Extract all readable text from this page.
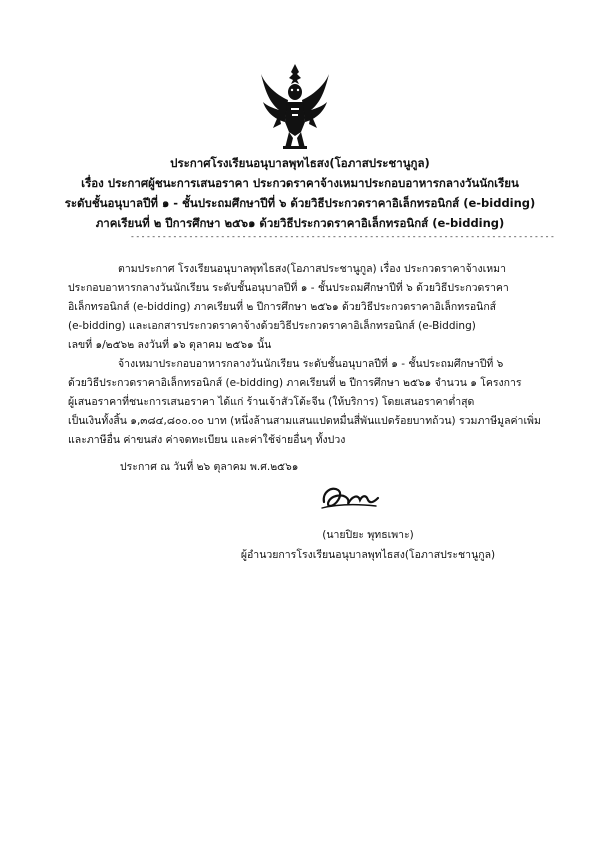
ประกาศโรงเรียนอนุบาลพุทไธสง(โอภาสประชานูกูล)
เรื่อง ประกาศผู้ชนะการเสนอราคา ประกวดราคาจ้างเหมาประกอบอาหารกลางวันนักเรียน
ระดับชั้นอนุบาลปีที่ ๑ - ชั้นประถมศึกษาปีที่ ๖ ด้วยวิธีประกวดราคาอิเล็กทรอนิกส์ (e-bidding)
ภาคเรียนที่ ๒ ปีการศึกษา ๒๕๖๑ ด้วยวิธีประกวดราคาอิเล็กทรอนิกส์ (e-bidding)
--------------------------------------------------------------------------------
ตามประกาศ โรงเรียนอนุบาลพุทไธสง(โอภาสประชานูกูล) เรื่อง ประกวดราคาจ้างเหมา
ประกอบอาหารกลางวันนักเรียน ระดับชั้นอนุบาลปีที่ ๑ - ชั้นประถมศึกษาปีที่ ๖ ด้วยวิธีประกวดราคา
อิเล็กทรอนิกส์ (e-bidding) ภาคเรียนที่ ๒ ปีการศึกษา ๒๕๖๑ ด้วยวิธีประกวดราคาอิเล็กทรอนิกส์
(e-bidding) และเอกสารประกวดราคาจ้างด้วยวิธีประกวดราคาอิเล็กทรอนิกส์ (e-Bidding)
เลขที่ ๑/๒๕๖๒ ลงวันที่ ๑๖ ตุลาคม ๒๕๖๑ นั้น
จ้างเหมาประกอบอาหารกลางวันนักเรียน ระดับชั้นอนุบาลปีที่ ๑ - ชั้นประถมศึกษาปีที่ ๖
ด้วยวิธีประกวดราคาอิเล็กทรอนิกส์ (e-bidding) ภาคเรียนที่ ๒ ปีการศึกษา ๒๕๖๑ จำนวน ๑ โครงการ
ผู้เสนอราคาที่ชนะการเสนอราคา ได้แก่ ร้านเจ้าสัวโต้ะจีน (ให้บริการ) โดยเสนอราคาต่ำสุด
เป็นเงินทั้งสิ้น ๑,๓๘๔,๘๐๐.๐๐ บาท (หนึ่งล้านสามแสนแปดหมื่นสี่พันแปดร้อยบาทถ้วน) รวมภาษีมูลค่าเพิ่ม
และภาษีอื่น ค่าขนส่ง ค่าจดทะเบียน และค่าใช้จ่ายอื่นๆ ทั้งปวง
ประกาศ ณ วันที่ ๒๖ ตุลาคม พ.ศ.๒๕๖๑
(นายปิยะ พุทธเพาะ)
ผู้อำนวยการโรงเรียนอนุบาลพุทไธสง(โอภาสประชานูกูล)
